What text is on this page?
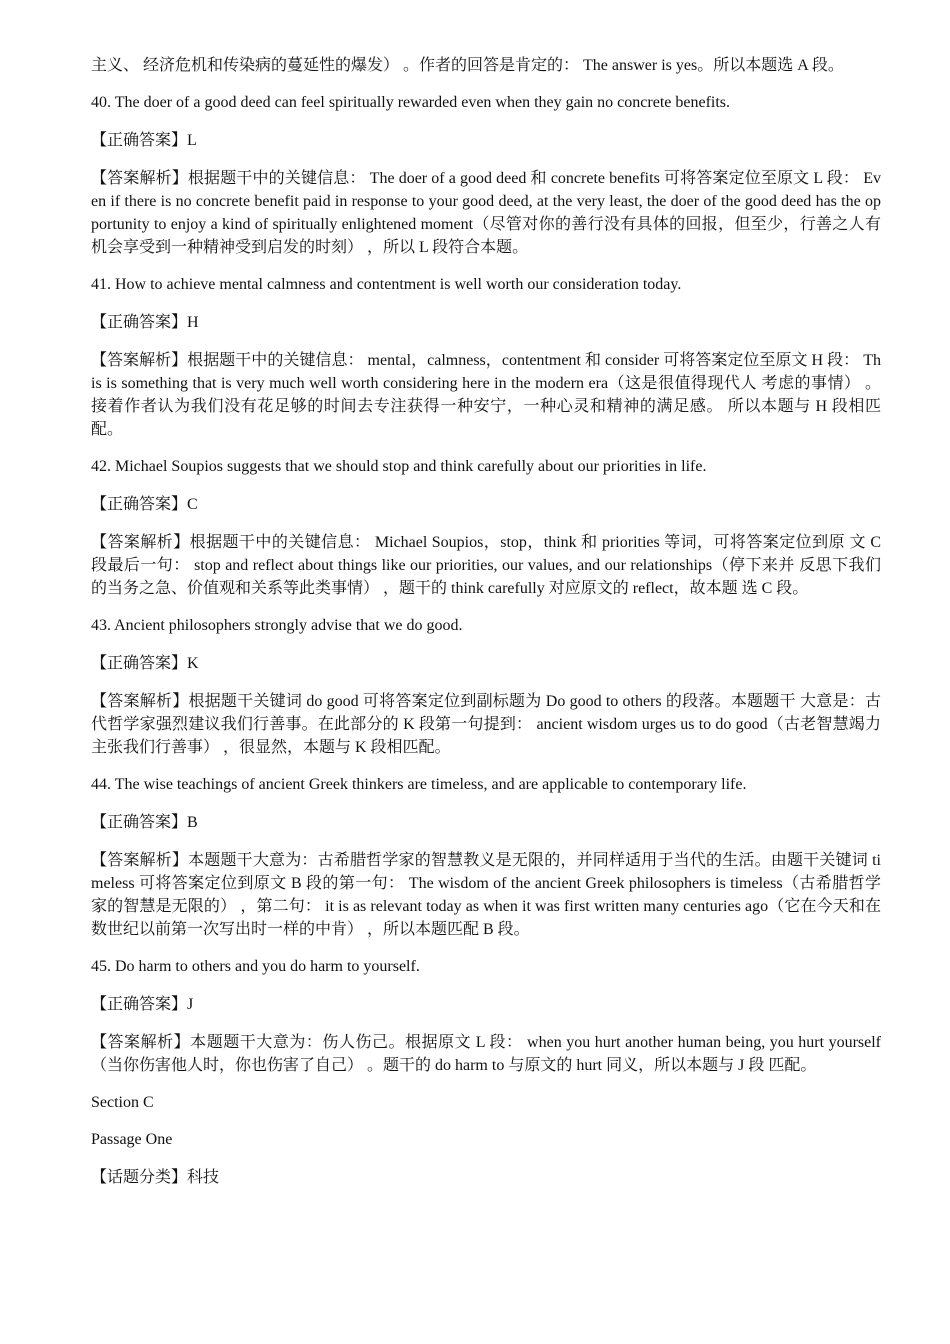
主义、 经济危机和传染病的蔓延性的爆发） 。作者的回答是肯定的： The answer is yes。所以本题选 A 段。

40. The doer of a good deed can feel spiritually rewarded even when they gain no concrete benefits.

【正确答案】L

【答案解析】根据题干中的关键信息： The doer of a good deed 和 concrete benefits 可将答案定位至原文 L 段： Even if there is no concrete benefit paid in response to your good deed, at the very least, the doer of the good deed has the opportunity to enjoy a kind of spiritually enlightened moment（尽管对你的善行没有具体的回报，但至少，行善之人有机会享受到一种精神受到启发的时刻） ，所以 L 段符合本题。

41. How to achieve mental calmness and contentment is well worth our consideration today.

【正确答案】H

【答案解析】根据题干中的关键信息： mental，calmness，contentment 和 consider 可将答案定位至原文 H 段： This is something that is very much well worth considering here in the modern era（这是很值得现代人 考虑的事情） 。接着作者认为我们没有花足够的时间去专注获得一种安宁，一种心灵和精神的满足感。 所以本题与 H 段相匹配。

42. Michael Soupios suggests that we should stop and think carefully about our priorities in life.

【正确答案】C

【答案解析】根据题干中的关键信息： Michael Soupios，stop，think 和 priorities 等词，可将答案定位到原 文 C 段最后一句： stop and reflect about things like our priorities, our values, and our relationships（停下来并 反思下我们的当务之急、价值观和关系等此类事情） ，题干的 think carefully 对应原文的 reflect，故本题 选 C 段。

43. Ancient philosophers strongly advise that we do good.

【正确答案】K

【答案解析】根据题干关键词 do good 可将答案定位到副标题为 Do good to others 的段落。本题题干 大意是：古代哲学家强烈建议我们行善事。在此部分的 K 段第一句提到： ancient wisdom urges us to do good（古老智慧竭力主张我们行善事） ，很显然，本题与 K 段相匹配。

44. The wise teachings of ancient Greek thinkers are timeless, and are applicable to contemporary life.

【正确答案】B

【答案解析】本题题干大意为：古希腊哲学家的智慧教义是无限的，并同样适用于当代的生活。由题干关键词 timeless 可将答案定位到原文 B 段的第一句： The wisdom of the ancient Greek philosophers is timeless（古希腊哲学家的智慧是无限的） ，第二句： it is as relevant today as when it was first written many centuries ago（它在今天和在数世纪以前第一次写出时一样的中肯） ，所以本题匹配 B 段。

45. Do harm to others and you do harm to yourself.

【正确答案】J

【答案解析】本题题干大意为：伤人伤己。根据原文 L 段： when you hurt another human being, you hurt yourself（当你伤害他人时，你也伤害了自己） 。题干的 do harm to 与原文的 hurt 同义，所以本题与 J 段 匹配。

Section C

Passage One

【话题分类】科技
